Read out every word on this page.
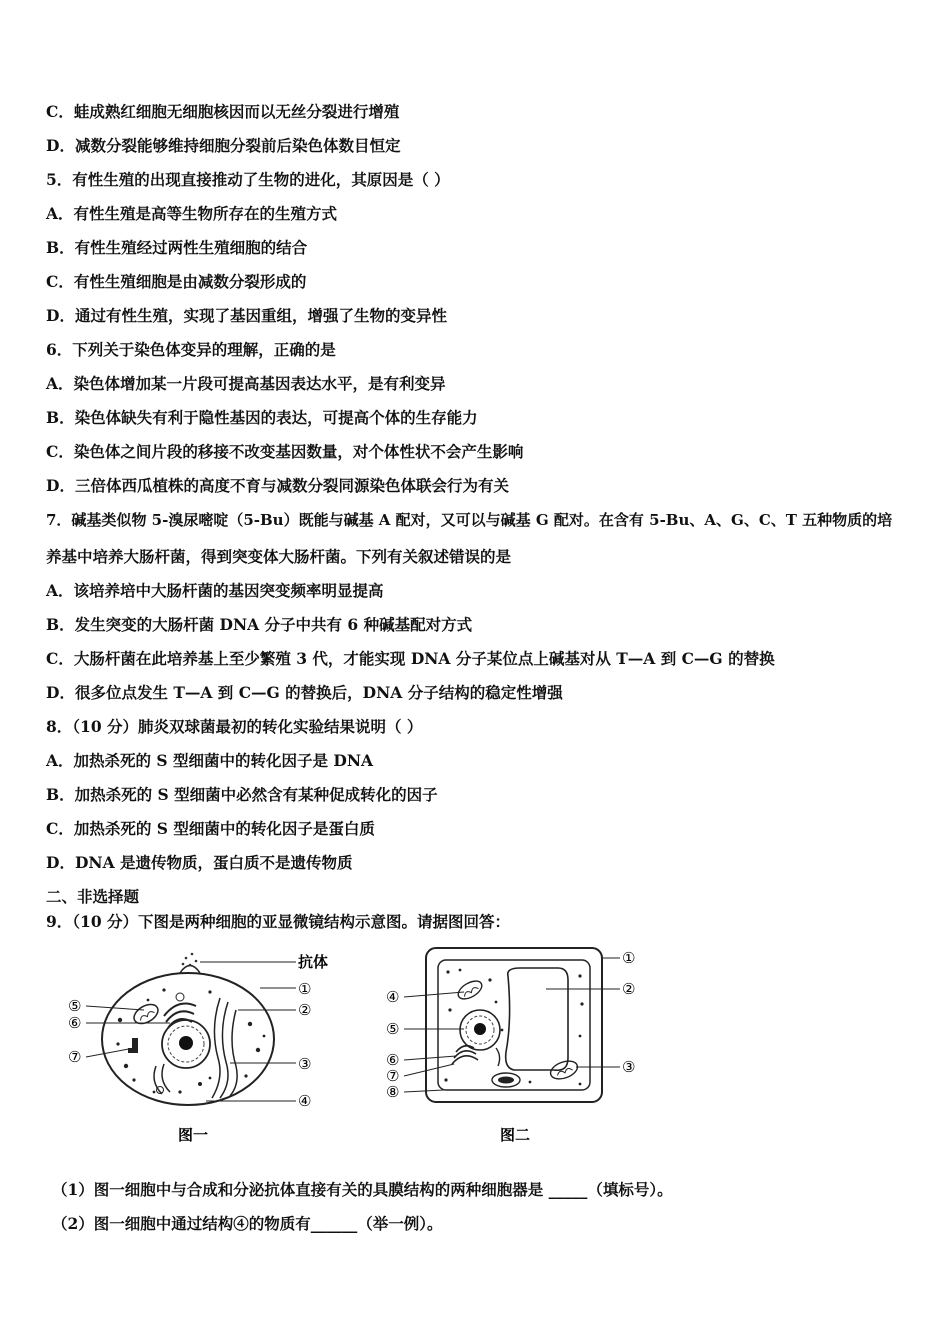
C．蛙成熟红细胞无细胞核因而以无丝分裂进行增殖
D．减数分裂能够维持细胞分裂前后染色体数目恒定
5．有性生殖的出现直接推动了生物的进化，其原因是（ ）
A．有性生殖是高等生物所存在的生殖方式
B．有性生殖经过两性生殖细胞的结合
C．有性生殖细胞是由减数分裂形成的
D．通过有性生殖，实现了基因重组，增强了生物的变异性
6．下列关于染色体变异的理解，正确的是
A．染色体增加某一片段可提高基因表达水平，是有利变异
B．染色体缺失有利于隐性基因的表达，可提高个体的生存能力
C．染色体之间片段的移接不改变基因数量，对个体性状不会产生影响
D．三倍体西瓜植株的高度不育与减数分裂同源染色体联会行为有关
7．碱基类似物 5-溴尿嘧啶（5-Bu）既能与碱基 A 配对，又可以与碱基 G 配对。在含有 5-Bu、A、G、C、T 五种物质的培
养基中培养大肠杆菌，得到突变体大肠杆菌。下列有关叙述错误的是
A．该培养培中大肠杆菌的基因突变频率明显提高
B．发生突变的大肠杆菌 DNA 分子中共有 6 种碱基配对方式
C．大肠杆菌在此培养基上至少繁殖 3 代，才能实现 DNA 分子某位点上碱基对从 T—A 到 C—G 的替换
D．很多位点发生 T—A 到 C—G 的替换后，DNA 分子结构的稳定性增强
8．（10 分）肺炎双球菌最初的转化实验结果说明（ ）
A．加热杀死的 S 型细菌中的转化因子是 DNA
B．加热杀死的 S 型细菌中必然含有某种促成转化的因子
C．加热杀死的 S 型细菌中的转化因子是蛋白质
D．DNA 是遗传物质，蛋白质不是遗传物质
二、非选择题
9．（10 分）下图是两种细胞的亚显微镜结构示意图。请据图回答：
抗体
①
②
③
④
⑤
⑥
⑦
图一
①
②
③
④
⑤
⑥
⑦
⑧
图二
（1）图一细胞中与合成和分泌抗体直接有关的具膜结构的两种细胞器是 _____（填标号）。
（2）图一细胞中通过结构④的物质有______（举一例）。
